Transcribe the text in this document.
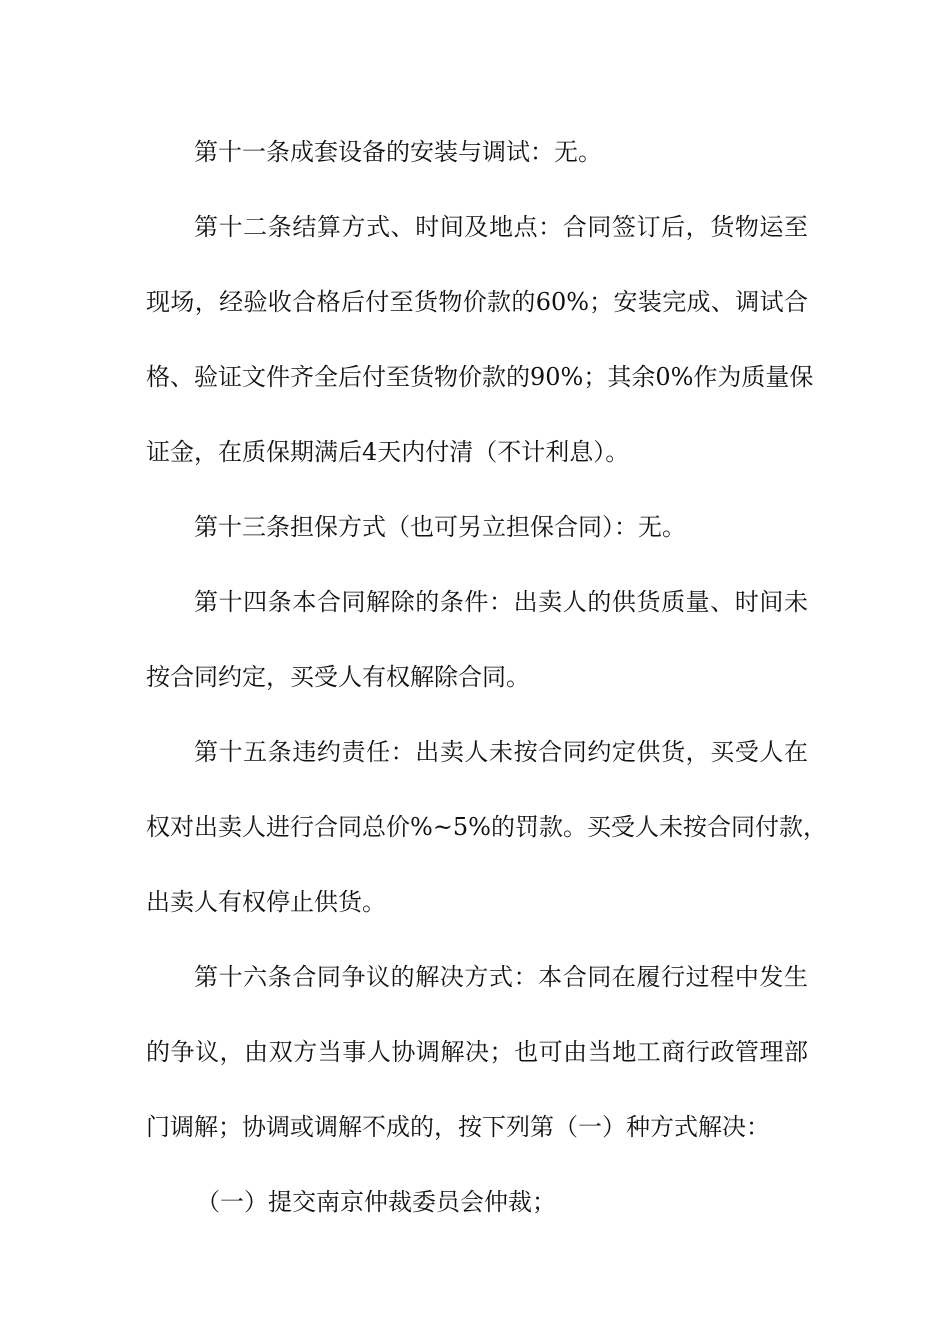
第十一条成套设备的安装与调试：无。
第十二条结算方式、时间及地点：合同签订后，货物运至
现场，经验收合格后付至货物价款的60%；安装完成、调试合
格、验证文件齐全后付至货物价款的90%；其余0%作为质量保
证金，在质保期满后4天内付清（不计利息）。
第十三条担保方式（也可另立担保合同）：无。
第十四条本合同解除的条件：出卖人的供货质量、时间未
按合同约定，买受人有权解除合同。
第十五条违约责任：出卖人未按合同约定供货，买受人在
权对出卖人进行合同总价%~5%的罚款。买受人未按合同付款，
出卖人有权停止供货。
第十六条合同争议的解决方式：本合同在履行过程中发生
的争议，由双方当事人协调解决；也可由当地工商行政管理部
门调解；协调或调解不成的，按下列第（一）种方式解决：
（一）提交南京仲裁委员会仲裁；
